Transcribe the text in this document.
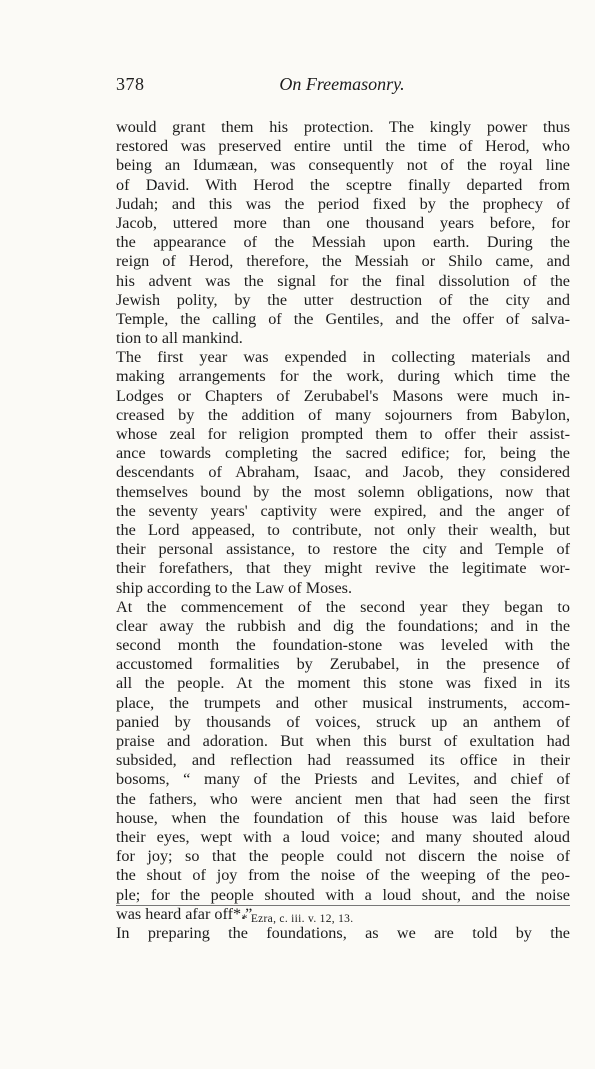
378	On Freemasonry.
would grant them his protection. The kingly power thus
restored was preserved entire until the time of Herod, who
being an Idumæan, was consequently not of the royal line
of David. With Herod the sceptre finally departed from
Judah; and this was the period fixed by the prophecy of
Jacob, uttered more than one thousand years before, for
the appearance of the Messiah upon earth. During the
reign of Herod, therefore, the Messiah or Shilo came, and
his advent was the signal for the final dissolution of the
Jewish polity, by the utter destruction of the city and
Temple, the calling of the Gentiles, and the offer of salva-
tion to all mankind.
The first year was expended in collecting materials and
making arrangements for the work, during which time the
Lodges or Chapters of Zerubabel's Masons were much in-
creased by the addition of many sojourners from Babylon,
whose zeal for religion prompted them to offer their assist-
ance towards completing the sacred edifice; for, being the
descendants of Abraham, Isaac, and Jacob, they considered
themselves bound by the most solemn obligations, now that
the seventy years' captivity were expired, and the anger of
the Lord appeased, to contribute, not only their wealth, but
their personal assistance, to restore the city and Temple of
their forefathers, that they might revive the legitimate wor-
ship according to the Law of Moses.
At the commencement of the second year they began to
clear away the rubbish and dig the foundations; and in the
second month the foundation-stone was leveled with the
accustomed formalities by Zerubabel, in the presence of
all the people. At the moment this stone was fixed in its
place, the trumpets and other musical instruments, accom-
panied by thousands of voices, struck up an anthem of
praise and adoration. But when this burst of exultation had
subsided, and reflection had reassumed its office in their
bosoms, “ many of the Priests and Levites, and chief of
the fathers, who were ancient men that had seen the first
house, when the foundation of this house was laid before
their eyes, wept with a loud voice; and many shouted aloud
for joy; so that the people could not discern the noise of
the shout of joy from the noise of the weeping of the peo-
ple; for the people shouted with a loud shout, and the noise
was heard afar off*.”
In preparing the foundations, as we are told by the
* Ezra, c. iii. v. 12, 13.
